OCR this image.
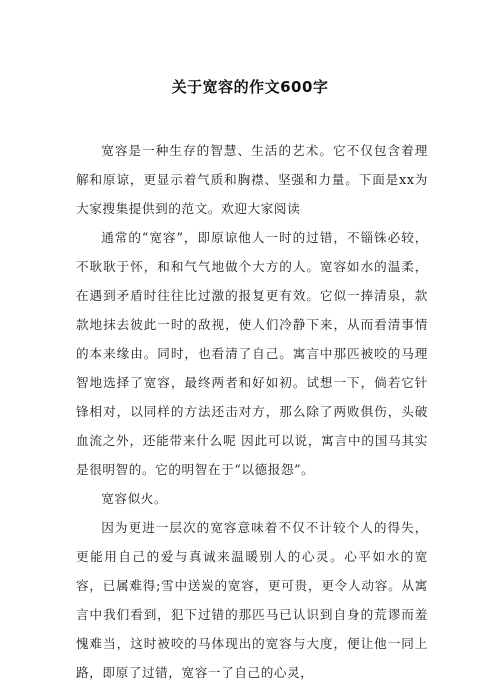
关于宽容的作文600字

宽容是一种生存的智慧、生活的艺术。它不仅包含着理解和原谅，更显示着气质和胸襟、坚强和力量。下面是xx为大家搜集提供到的范文。欢迎大家阅读

通常的“宽容”，即原谅他人一时的过错，不锱铢必较，不耿耿于怀，和和气气地做个大方的人。宽容如水的温柔，在遇到矛盾时往往比过激的报复更有效。它似一捧清泉，款款地抹去彼此一时的敌视，使人们冷静下来，从而看清事情的本来缘由。同时，也看清了自己。寓言中那匹被咬的马理智地选择了宽容，最终两者和好如初。试想一下，倘若它针锋相对，以同样的方法还击对方，那么除了两败俱伤，头破血流之外，还能带来什么呢 因此可以说，寓言中的国马其实是很明智的。它的明智在于“以德报怨”。

宽容似火。

因为更进一层次的宽容意味着不仅不计较个人的得失，更能用自己的爱与真诚来温暖别人的心灵。心平如水的宽容，已属难得;雪中送炭的宽容，更可贵，更令人动容。从寓言中我们看到，犯下过错的那匹马已认识到自身的荒谬而羞愧难当，这时被咬的马体现出的宽容与大度，便让他一同上路，即原了过错，宽容一了自己的心灵，
